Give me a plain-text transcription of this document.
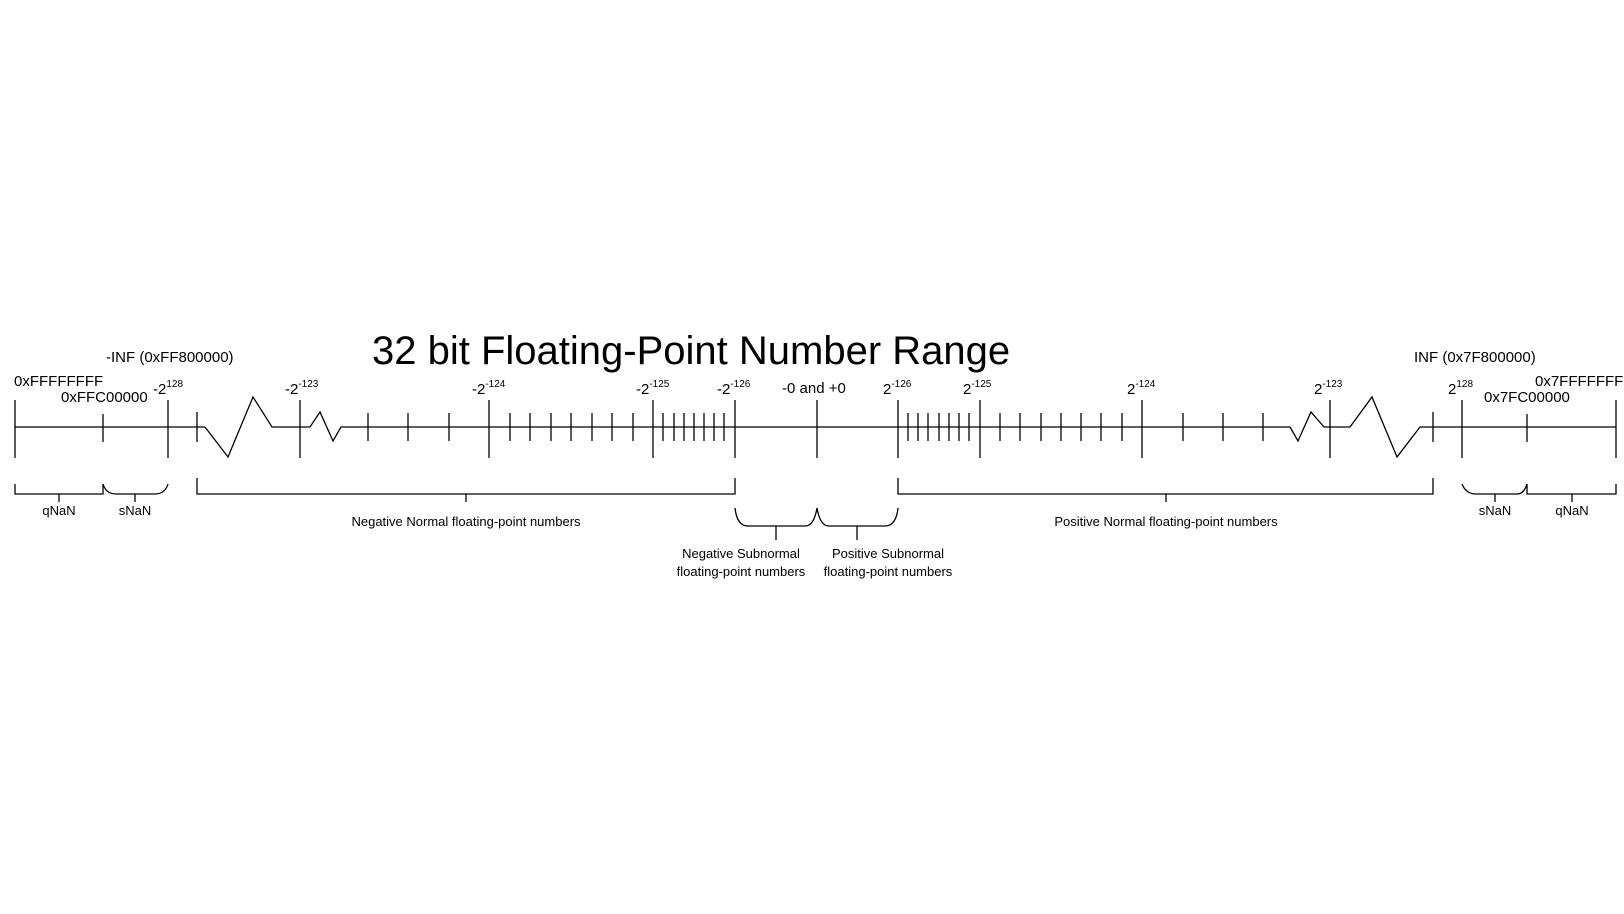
32 bit Floating-Point Number Range
-INF (0xFF800000)
0xFFFFFFFF
0xFFC00000
INF (0x7F800000)
0x7FFFFFFF
0x7FC00000
-0 and +0
$-2^{128}$	$-2^{-123}$	$-2^{-124}$	$-2^{-125}$	$-2^{-126}$	$2^{-126}$	$2^{-125}$	$2^{-124}$	$2^{-123}$	$2^{128}$
qNaN	sNaN
Negative Normal floating-point numbers
Negative Subnormal
floating-point numbers
Positive Subnormal
floating-point numbers
Positive Normal floating-point numbers
sNaN	qNaN
